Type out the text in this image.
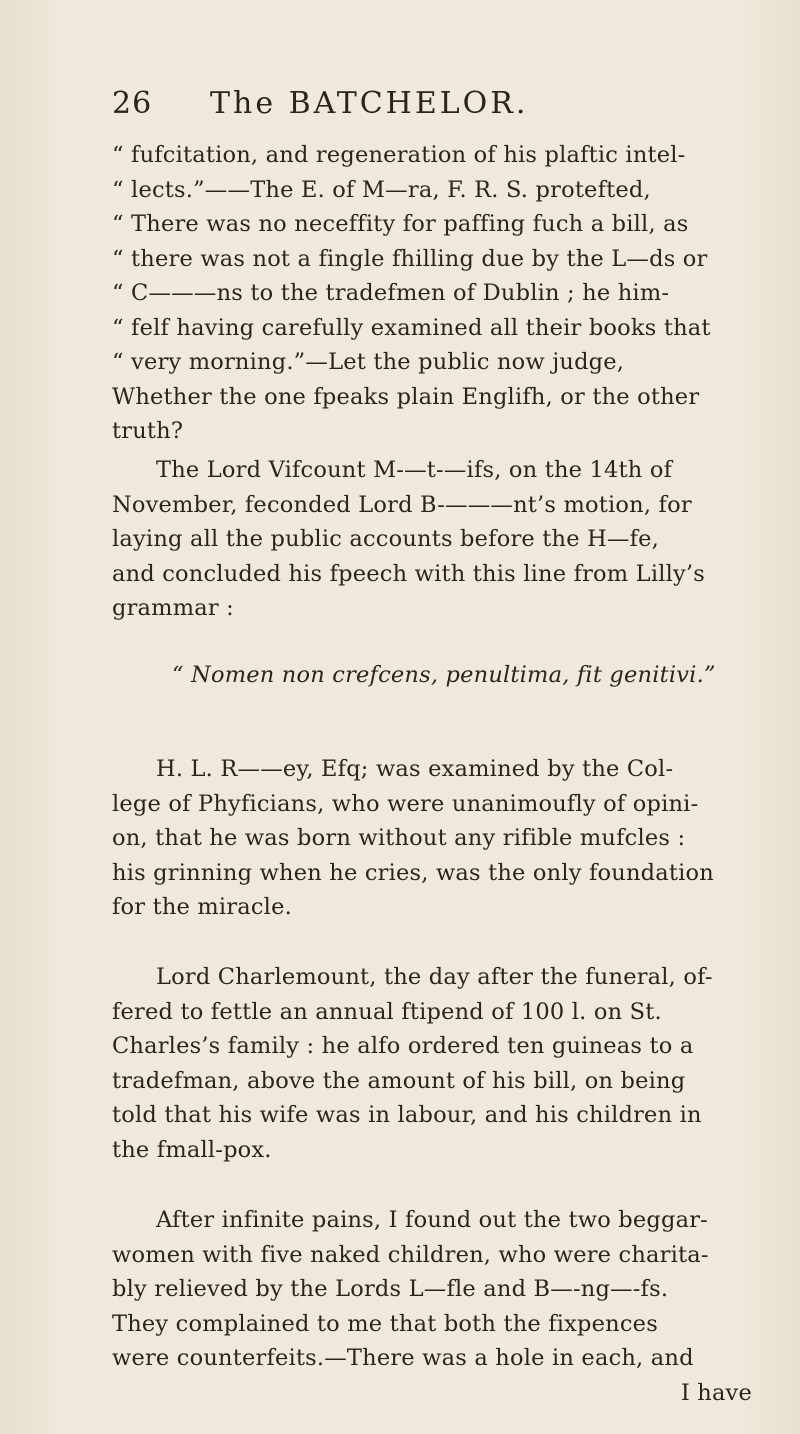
26 The BATCHELOR.
“ fufcitation, and regeneration of his plaftic intel-
“ lects.”——The E. of M—ra, F. R. S. protefted,
“ There was no neceffity for paffing fuch a bill, as
“ there was not a fingle fhilling due by the L—ds or
“ C———ns to the tradefmen of Dublin ; he him-
“ felf having carefully examined all their books that
“ very morning.”—Let the public now judge,
Whether the one fpeaks plain Englifh, or the other
truth?
The Lord Vifcount M-—t-—ifs, on the 14th of
November, feconded Lord B-———nt’s motion, for
laying all the public accounts before the H—fe,
and concluded his fpeech with this line from Lilly’s
grammar :
“ Nomen non crefcens, penultima, fit genitivi.”
H. L. R——ey, Efq; was examined by the Col-
lege of Phyficians, who were unanimoufly of opini-
on, that he was born without any rifible mufcles :
his grinning when he cries, was the only foundation
for the miracle.
Lord Charlemount, the day after the funeral, of-
fered to fettle an annual ftipend of 100 l. on St.
Charles’s family : he alfo ordered ten guineas to a
tradefman, above the amount of his bill, on being
told that his wife was in labour, and his children in
the fmall-pox.
After infinite pains, I found out the two beggar-
women with five naked children, who were charita-
bly relieved by the Lords L—fle and B—-ng—-fs.
They complained to me that both the fixpences
were counterfeits.—There was a hole in each, and
I have
